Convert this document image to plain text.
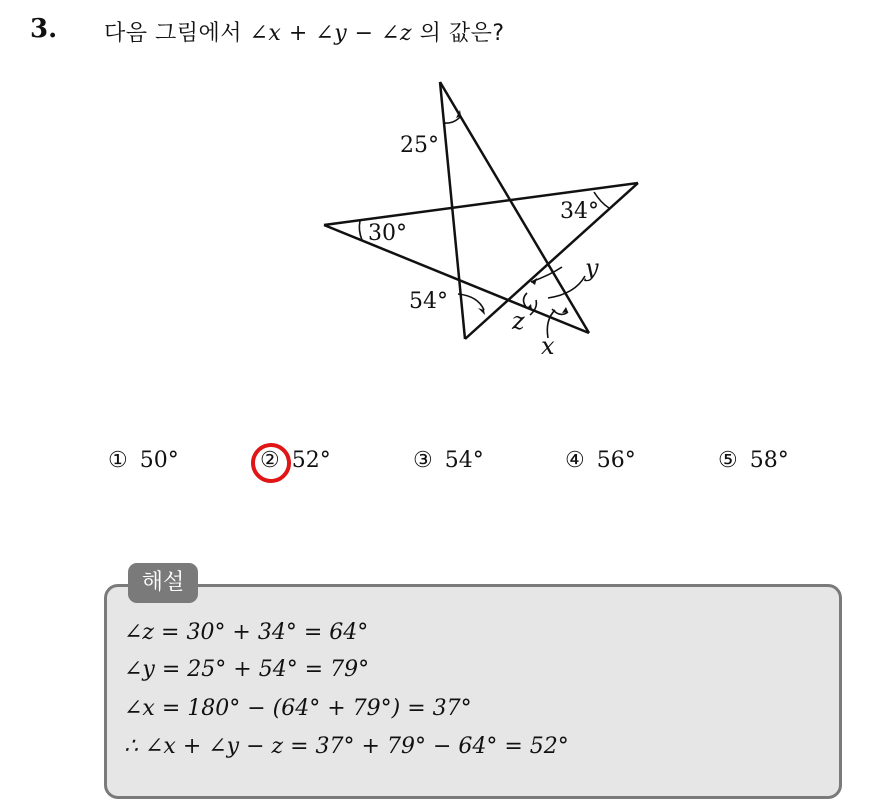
3. 다음 그림에서 ∠x + ∠y − ∠z 의 값은?
25°
34°
30°
54°
y
z
x
① 50°	② 52°	③ 54°	④ 56°	⑤ 58°
해설
∠z = 30° + 34° = 64°
∠y = 25° + 54° = 79°
∠x = 180° − (64° + 79°) = 37°
∴ ∠x + ∠y − z = 37° + 79° − 64° = 52°
